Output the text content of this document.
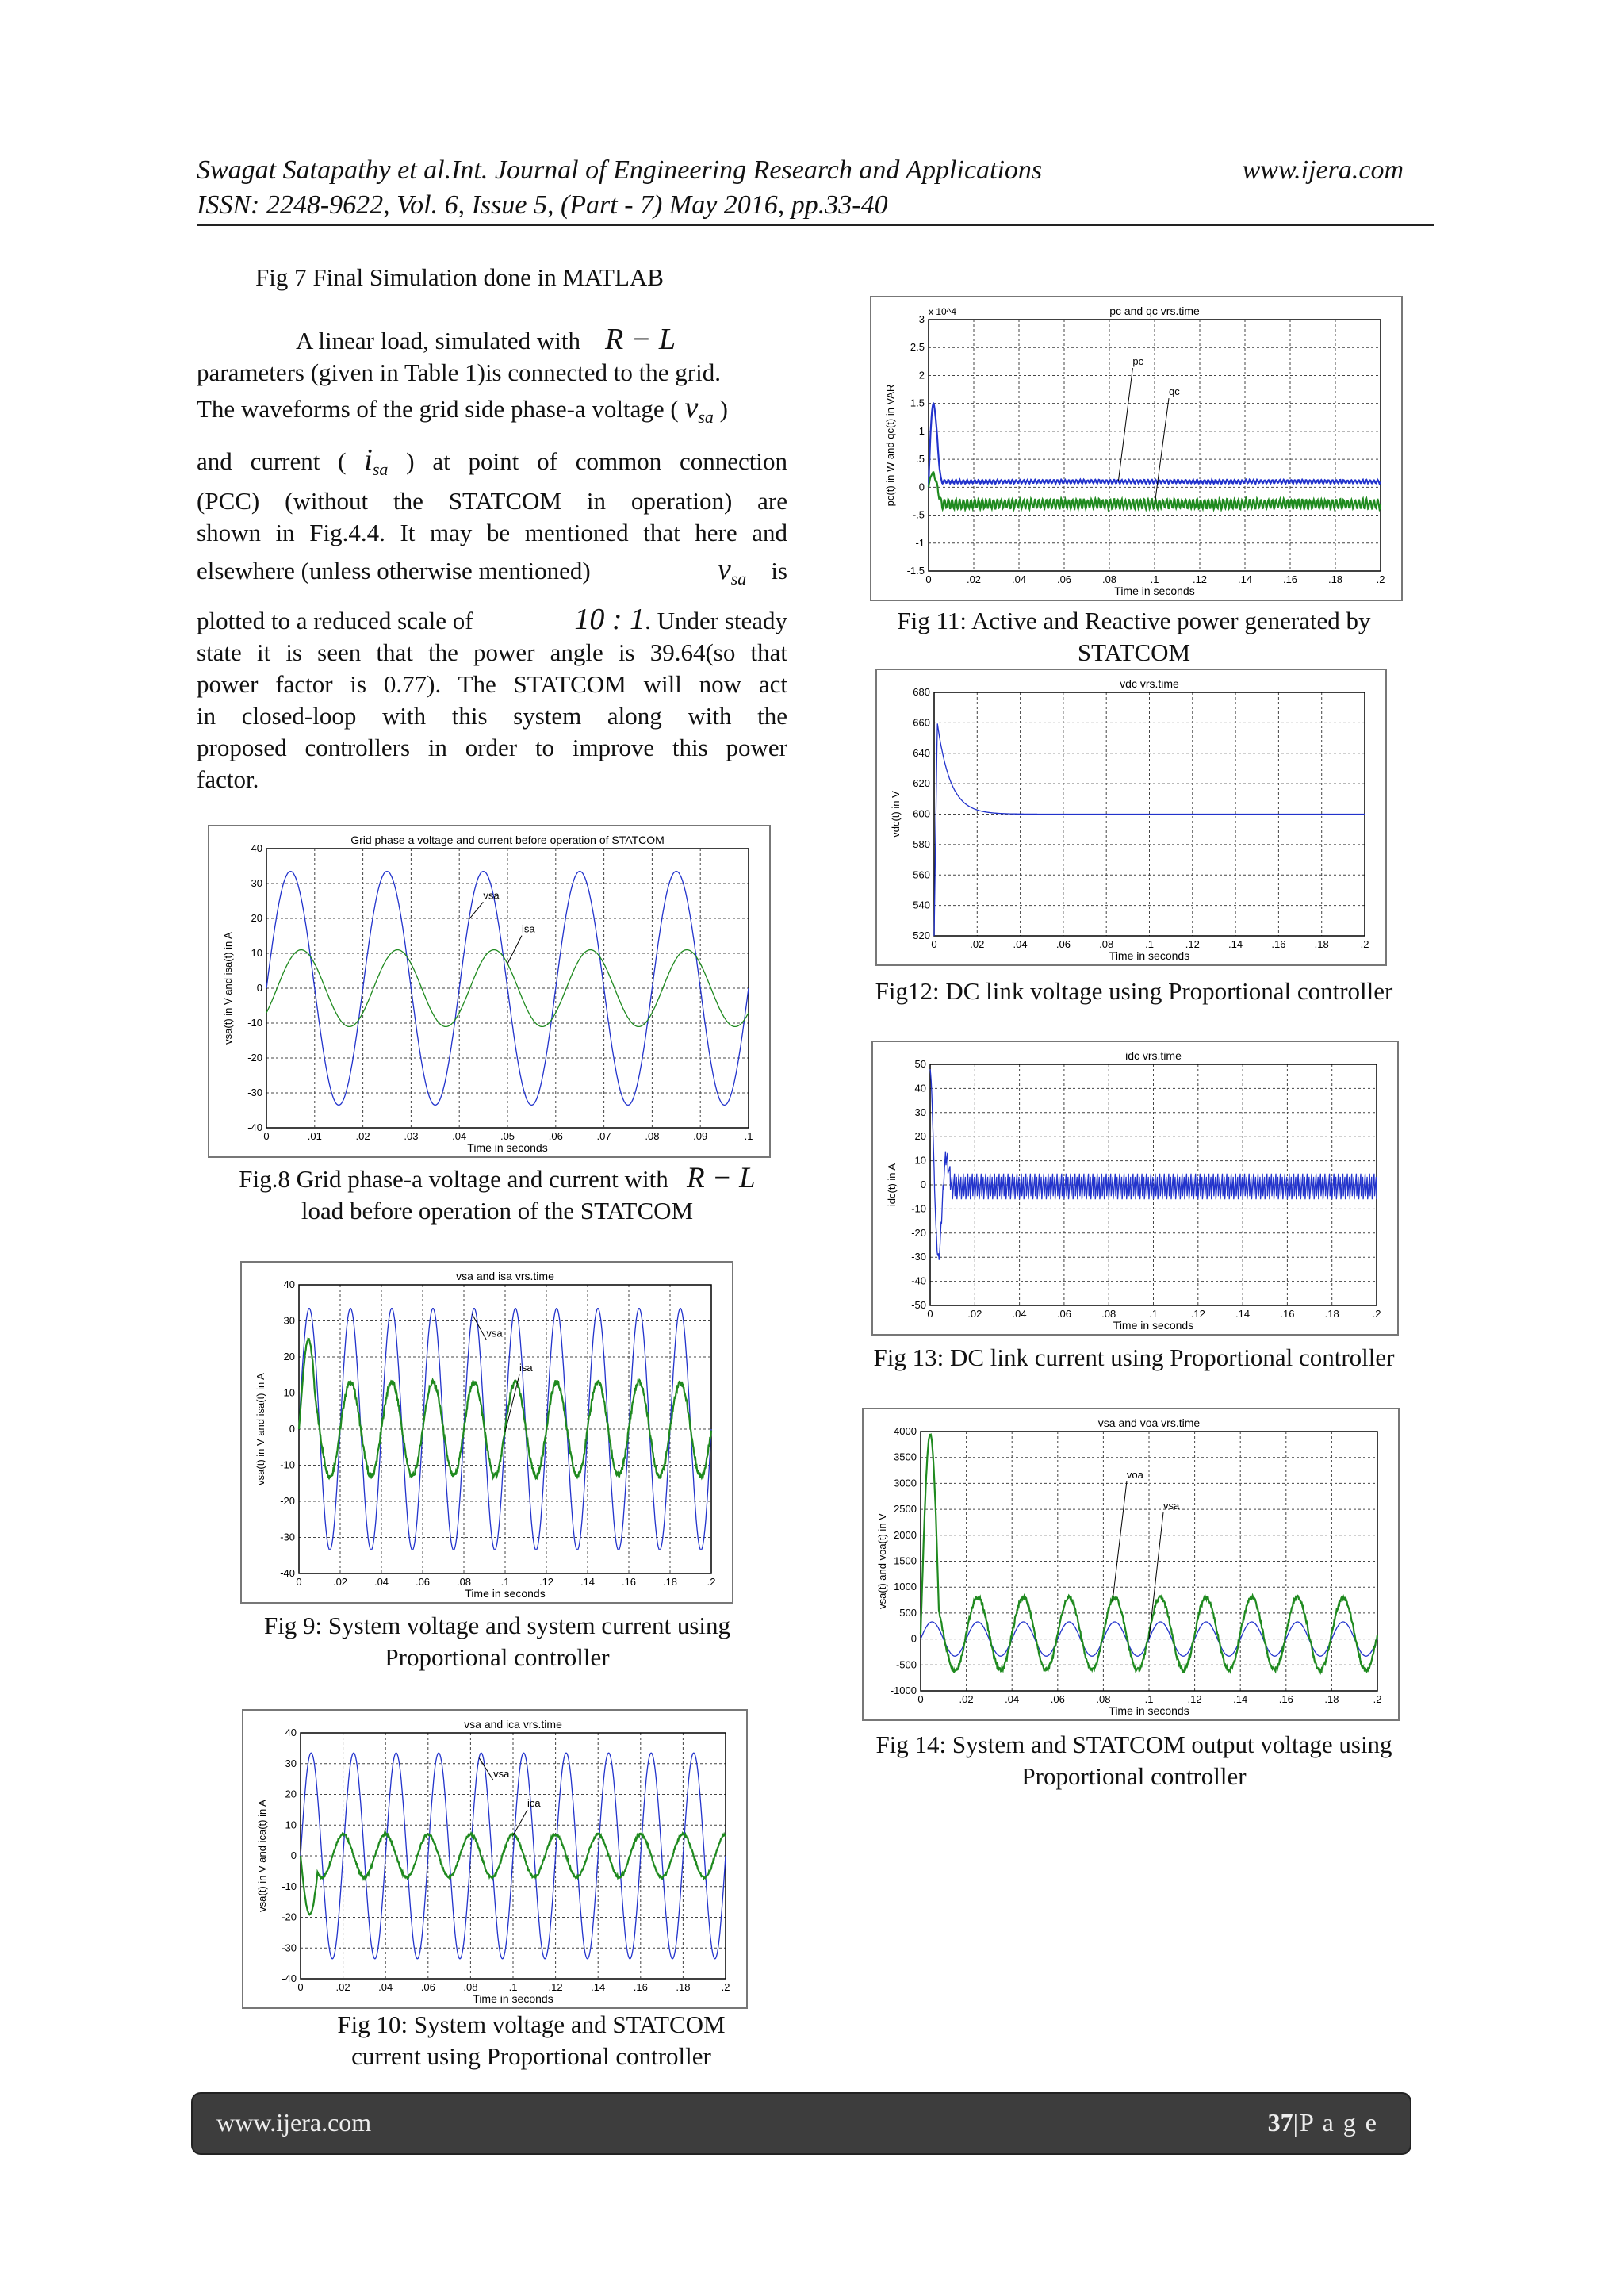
Swagat Satapathy et al.Int. Journal of Engineering Research and Applications	www.ijera.com
ISSN: 2248-9622, Vol. 6, Issue 5, (Part - 7) May 2016, pp.33-40
Fig 7 Final Simulation done in MATLAB
A linear load, simulated with R − L
parameters (given in Table 1)is connected to the grid.
The waveforms of the grid side phase-a voltage ( $v_{sa}$ )
and current ( $i_{sa}$ ) at point of common connection
(PCC) (without the STATCOM in operation) are
shown in Fig.4.4. It may be mentioned that here and
elsewhere (unless otherwise mentioned)	$v_{sa}$ is
plotted to a reduced scale of	10 : 1. Under steady
state it is seen that the power angle is 39.64(so that
power factor is 0.77). The STATCOM will now act
in closed-loop with this system along with the
proposed controllers in order to improve this power
factor.
0	.01	.02	.03	.04	.05	.06	.07	.08	.09	.1
-40
-30
-20
-10
0
10
20
30
40
Grid phase a voltage and current before operation of STATCOM
Time in seconds
vsa(t) in V and isa(t) in A
vsa
isa
Fig.8 Grid phase-a voltage and current with R − L
load before operation of the STATCOM
0	.02	.04	.06	.08	.1	.12	.14	.16	.18	.2
-40
-30
-20
-10
0
10
20
30
40
vsa and isa vrs.time
Time in seconds
vsa(t) in V and isa(t) in A
vsa
isa
Fig 9: System voltage and system current using
Proportional controller
0	.02	.04	.06	.08	.1	.12	.14	.16	.18	.2
-40
-30
-20
-10
0
10
20
30
40
vsa and ica vrs.time
Time in seconds
vsa(t) in V and ica(t) in A
vsa
ica
Fig 10: System voltage and STATCOM
current using Proportional controller
0	.02	.04	.06	.08	.1	.12	.14	.16	.18	.2
-1.5
-1
-.5
0
.5
1
1.5
2
2.5
3
pc and qc vrs.time
Time in seconds
pc(t) in W and qc(t) in VAR
x 10^4
pc
qc
Fig 11: Active and Reactive power generated by
STATCOM
0	.02	.04	.06	.08	.1	.12	.14	.16	.18	.2
520
540
560
580
600
620
640
660
680
vdc vrs.time
Time in seconds
vdc(t) in V
Fig12: DC link voltage using Proportional controller
0	.02	.04	.06	.08	.1	.12	.14	.16	.18	.2
-50
-40
-30
-20
-10
0
10
20
30
40
50
idc vrs.time
Time in seconds
idc(t) in A
Fig 13: DC link current using Proportional controller
0	.02	.04	.06	.08	.1	.12	.14	.16	.18	.2
-1000
-500
0
500
1000
1500
2000
2500
3000
3500
4000
vsa and voa vrs.time
Time in seconds
vsa(t) and voa(t) in V
voa
vsa
Fig 14: System and STATCOM output voltage using
Proportional controller
www.ijera.com	37|P a g e
